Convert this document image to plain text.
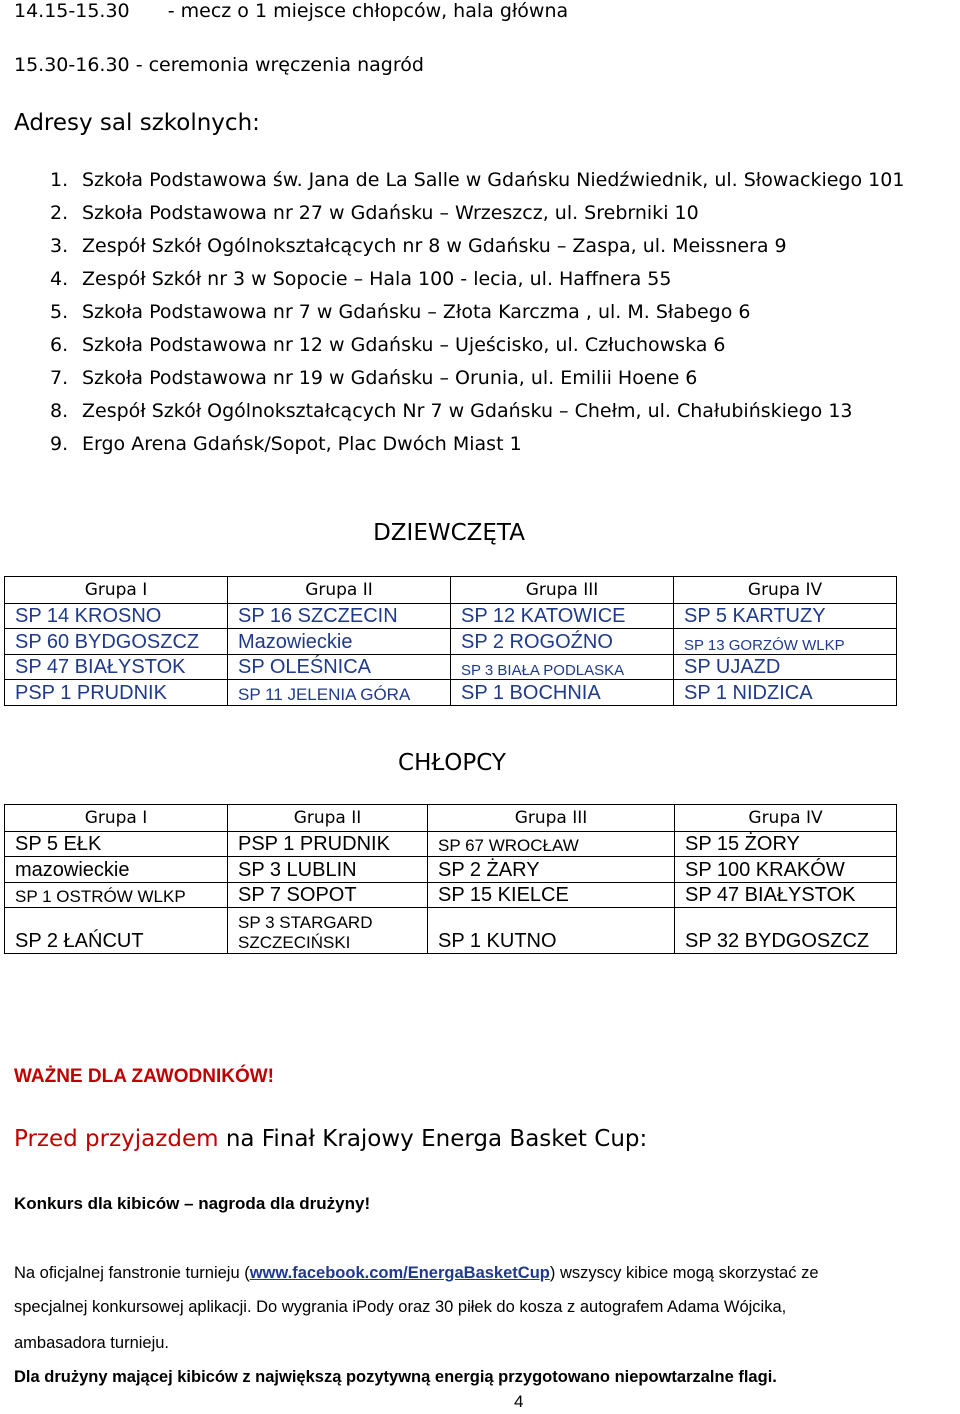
14.15-15.30 - mecz o 1 miejsce chłopców, hala główna
15.30-16.30 - ceremonia wręczenia nagród
Adresy sal szkolnych:
1. Szkoła Podstawowa św. Jana de La Salle w Gdańsku Niedźwiednik, ul. Słowackiego 101
2. Szkoła Podstawowa nr 27 w Gdańsku – Wrzeszcz, ul. Srebrniki 10
3. Zespół Szkół Ogólnokształcących nr 8 w Gdańsku – Zaspa, ul. Meissnera 9
4. Zespół Szkół nr 3 w Sopocie – Hala 100 - lecia, ul. Haffnera 55
5. Szkoła Podstawowa nr 7 w Gdańsku – Złota Karczma , ul. M. Słabego 6
6. Szkoła Podstawowa nr 12 w Gdańsku – Ujeścisko, ul. Człuchowska 6
7. Szkoła Podstawowa nr 19 w Gdańsku – Orunia, ul. Emilii Hoene 6
8. Zespół Szkół Ogólnokształcących Nr 7 w Gdańsku – Chełm, ul. Chałubińskiego 13
9. Ergo Arena Gdańsk/Sopot, Plac Dwóch Miast 1
DZIEWCZĘTA
Grupa I	Grupa II	Grupa III	Grupa IV
SP 14 KROSNO	SP 16 SZCZECIN	SP 12 KATOWICE	SP 5 KARTUZY
SP 60 BYDGOSZCZ	Mazowieckie	SP 2 ROGOŹNO	SP 13 GORZÓW WLKP
SP 47 BIAŁYSTOK	SP OLEŚNICA	SP 3 BIAŁA PODLASKA	SP UJAZD
PSP 1 PRUDNIK	SP 11 JELENIA GÓRA	SP 1 BOCHNIA	SP 1 NIDZICA
CHŁOPCY
Grupa I	Grupa II	Grupa III	Grupa IV
SP 5 EŁK	PSP 1 PRUDNIK	SP 67 WROCŁAW	SP 15 ŻORY
mazowieckie	SP 3 LUBLIN	SP 2 ŻARY	SP 100 KRAKÓW
SP 1 OSTRÓW WLKP	SP 7 SOPOT	SP 15 KIELCE	SP 47 BIAŁYSTOK
SP 2 ŁAŃCUT	SP 3 STARGARD SZCZECIŃSKI	SP 1 KUTNO	SP 32 BYDGOSZCZ
WAŻNE DLA ZAWODNIKÓW!
Przed przyjazdem na Finał Krajowy Energa Basket Cup:
Konkurs dla kibiców – nagroda dla drużyny!
Na oficjalnej fanstronie turnieju (www.facebook.com/EnergaBasketCup) wszyscy kibice mogą skorzystać ze
specjalnej konkursowej aplikacji. Do wygrania iPody oraz 30 piłek do kosza z autografem Adama Wójcika,
ambasadora turnieju.
Dla drużyny mającej kibiców z największą pozytywną energią przygotowano niepowtarzalne flagi.
4
